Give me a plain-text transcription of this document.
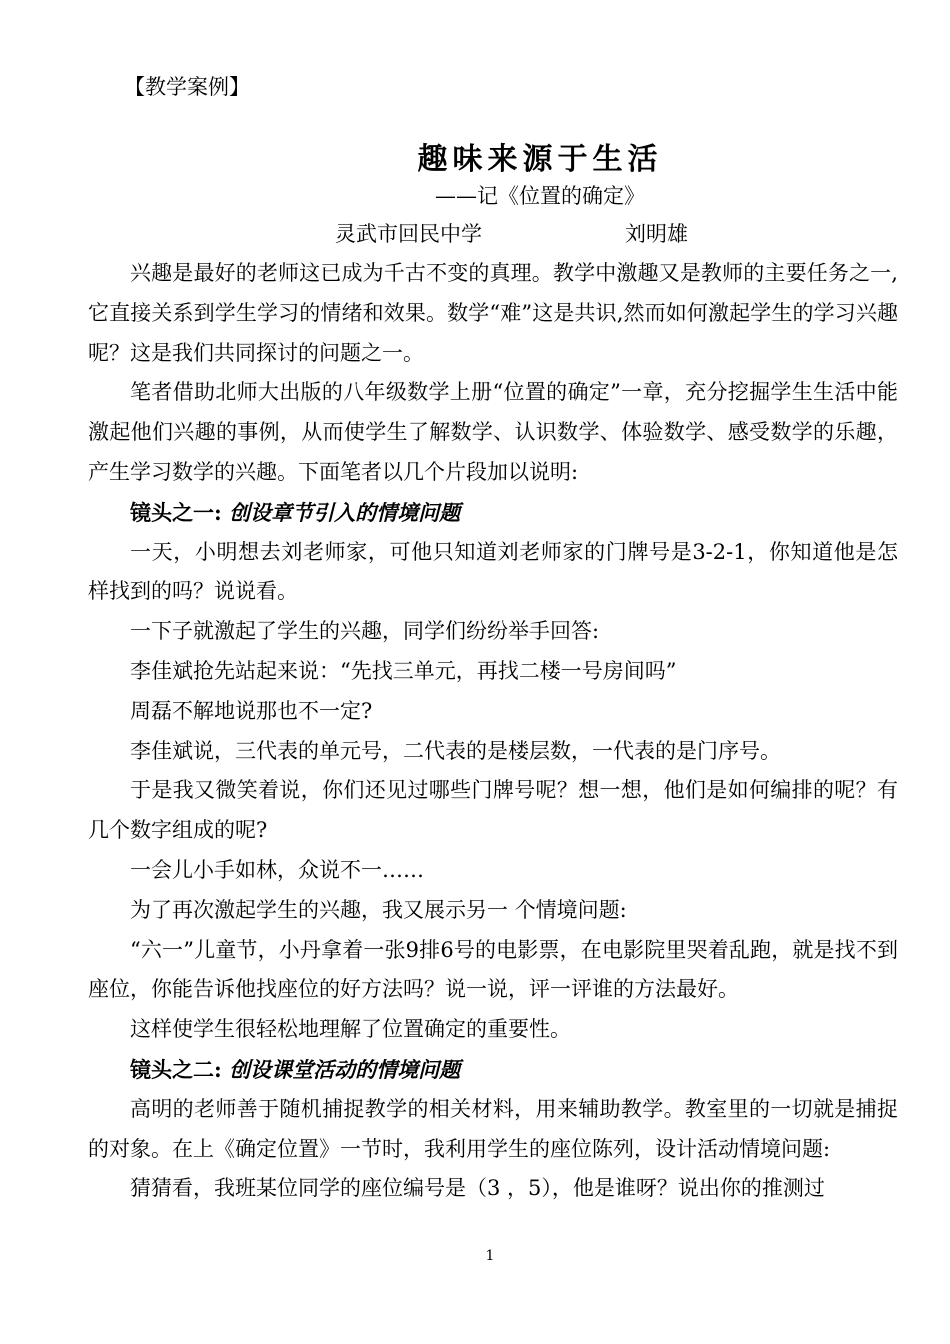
【教学案例】
趣味来源于生活
——记《位置的确定》
灵武市回民中学	刘明雄

兴趣是最好的老师这已成为千古不变的真理。教学中激趣又是教师的主要任务之一,它直接关系到学生学习的情绪和效果。数学“难”这是共识,然而如何激起学生的学习兴趣呢？这是我们共同探讨的问题之一。

笔者借助北师大出版的八年级数学上册“位置的确定”一章，充分挖掘学生生活中能激起他们兴趣的事例，从而使学生了解数学、认识数学、体验数学、感受数学的乐趣，产生学习数学的兴趣。下面笔者以几个片段加以说明:

镜头之一: 创设章节引入的情境问题

一天，小明想去刘老师家，可他只知道刘老师家的门牌号是3-2-1，你知道他是怎样找到的吗？说说看。

一下子就激起了学生的兴趣，同学们纷纷举手回答:

李佳斌抢先站起来说：“先找三单元，再找二楼一号房间吗”

周磊不解地说那也不一定?

李佳斌说，三代表的单元号，二代表的是楼层数，一代表的是门序号。

于是我又微笑着说，你们还见过哪些门牌号呢？想一想，他们是如何编排的呢？有几个数字组成的呢?

一会儿小手如林，众说不一……

为了再次激起学生的兴趣，我又展示另一 个情境问题:

“六一”儿童节，小丹拿着一张9排6号的电影票，在电影院里哭着乱跑，就是找不到座位，你能告诉他找座位的好方法吗？说一说，评一评谁的方法最好。

这样使学生很轻松地理解了位置确定的重要性。

镜头之二: 创设课堂活动的情境问题

高明的老师善于随机捕捉教学的相关材料，用来辅助教学。教室里的一切就是捕捉的对象。在上《确定位置》一节时，我利用学生的座位陈列，设计活动情境问题:

猜猜看，我班某位同学的座位编号是（3 ，5），他是谁呀？说出你的推测过

1
